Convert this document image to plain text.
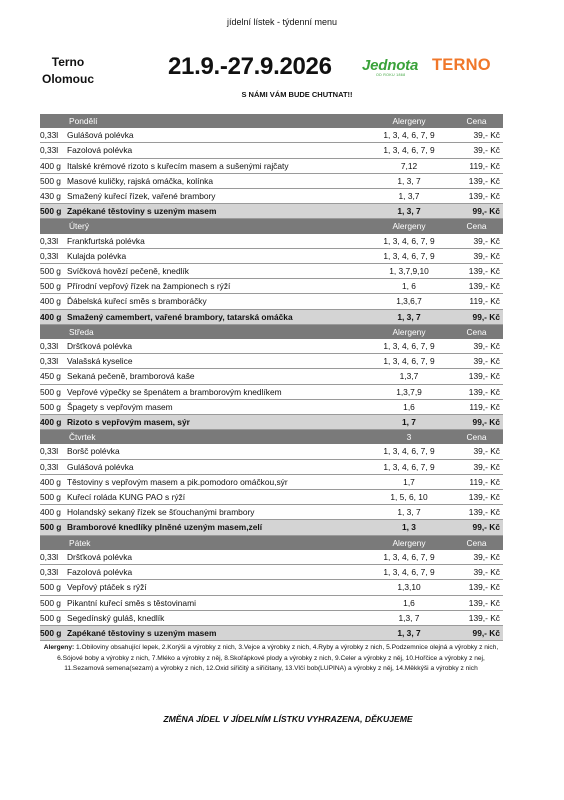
jídelní lístek - týdenní menu
Terno
Olomouc	21.9.-27.9.2026 Jednota
OD ROKU 1868
TERNO
S NÁMI VÁM BUDE CHUTNAT!!
	Pondělí	Alergeny	Cena
0,33l	Gulášová polévka	1, 3, 4, 6, 7, 9	39,- Kč
0,33l	Fazolová polévka	1, 3, 4, 6, 7, 9	39,- Kč
400 g	Italské krémové rizoto s kuřecím masem a sušenými rajčaty	7,12	119,- Kč
500 g	Masové kuličky, rajská omáčka, kolínka	1, 3, 7	139,- Kč
430 g	Smažený kuřecí řízek, vařené brambory	1, 3,7	139,- Kč
500 g	Zapékané těstoviny s uzeným masem	1, 3, 7	99,- Kč
	Úterý	Alergeny	Cena
0,33l	Frankfurtská polévka	1, 3, 4, 6, 7, 9	39,- Kč
0,33l	Kulajda polévka	1, 3, 4, 6, 7, 9	39,- Kč
500 g	Svíčková hovězí pečeně, knedlík	1, 3,7,9,10	139,- Kč
500 g	Přírodní vepřový řízek na žampionech s rýží	1, 6	139,- Kč
400 g	Ďábelská kuřecí směs s bramboráčky	1,3,6,7	119,- Kč
400 g	Smažený camembert, vařené brambory, tatarská omáčka	1, 3, 7	99,- Kč
	Středa	Alergeny	Cena
0,33l	Dršťková polévka	1, 3, 4, 6, 7, 9	39,- Kč
0,33l	Valašská kyselice	1, 3, 4, 6, 7, 9	39,- Kč
450 g	Sekaná pečeně, bramborová kaše	1,3,7	139,- Kč
500 g	Vepřové výpečky se špenátem a bramborovým knedlíkem	1,3,7,9	139,- Kč
500 g	Špagety s vepřovým masem	1,6	119,- Kč
400 g	Rizoto s vepřovým masem, sýr	1, 7	99,- Kč
	Čtvrtek	3	Cena
0,33l	Boršč polévka	1, 3, 4, 6, 7, 9	39,- Kč
0,33l	Gulášová polévka	1, 3, 4, 6, 7, 9	39,- Kč
400 g	Těstoviny s vepřovým masem a pik.pomodoro omáčkou,sýr	1,7	119,- Kč
500 g	Kuřecí roláda KUNG PAO s rýží	1, 5, 6, 10	139,- Kč
400 g	Holandský sekaný řízek se šťouchanými brambory	1, 3, 7	139,- Kč
500 g	Bramborové knedlíky plněné uzeným masem,zelí	1, 3	99,- Kč
	Pátek	Alergeny	Cena
0,33l	Dršťková polévka	1, 3, 4, 6, 7, 9	39,- Kč
0,33l	Fazolová polévka	1, 3, 4, 6, 7, 9	39,- Kč
500 g	Vepřový ptáček s rýží	1,3,10	139,- Kč
500 g	Pikantní kuřecí směs s těstovinami	1,6	139,- Kč
500 g	Segedínský guláš, knedlík	1,3, 7	139,- Kč
500 g	Zapékané těstoviny s uzeným masem	1, 3, 7	99,- Kč
Alergeny: 1.Obiloviny obsahující lepek, 2.Korýši a výrobky z nich, 3.Vejce a výrobky z nich, 4.Ryby a výrobky z nich, 5.Podzemnice olejná a výrobky z nich, 6.Sójové boby a výrobky z nich, 7.Mléko a výrobky z něj, 8.Skořápkové plody a výrobky z nich, 9.Celer a výrobky z něj, 10.Hořčice a výrobky z nej, 11.Sezamová semena(sezam) a výrobky z nich, 12.Oxid siřičitý a siřičitany, 13.Vlčí bob(LUPINA) a výrobky z něj, 14.Měkkýši a výrobky z nich
ZMĚNA JÍDEL V JÍDELNÍM LÍSTKU VYHRAZENA, DĚKUJEME
